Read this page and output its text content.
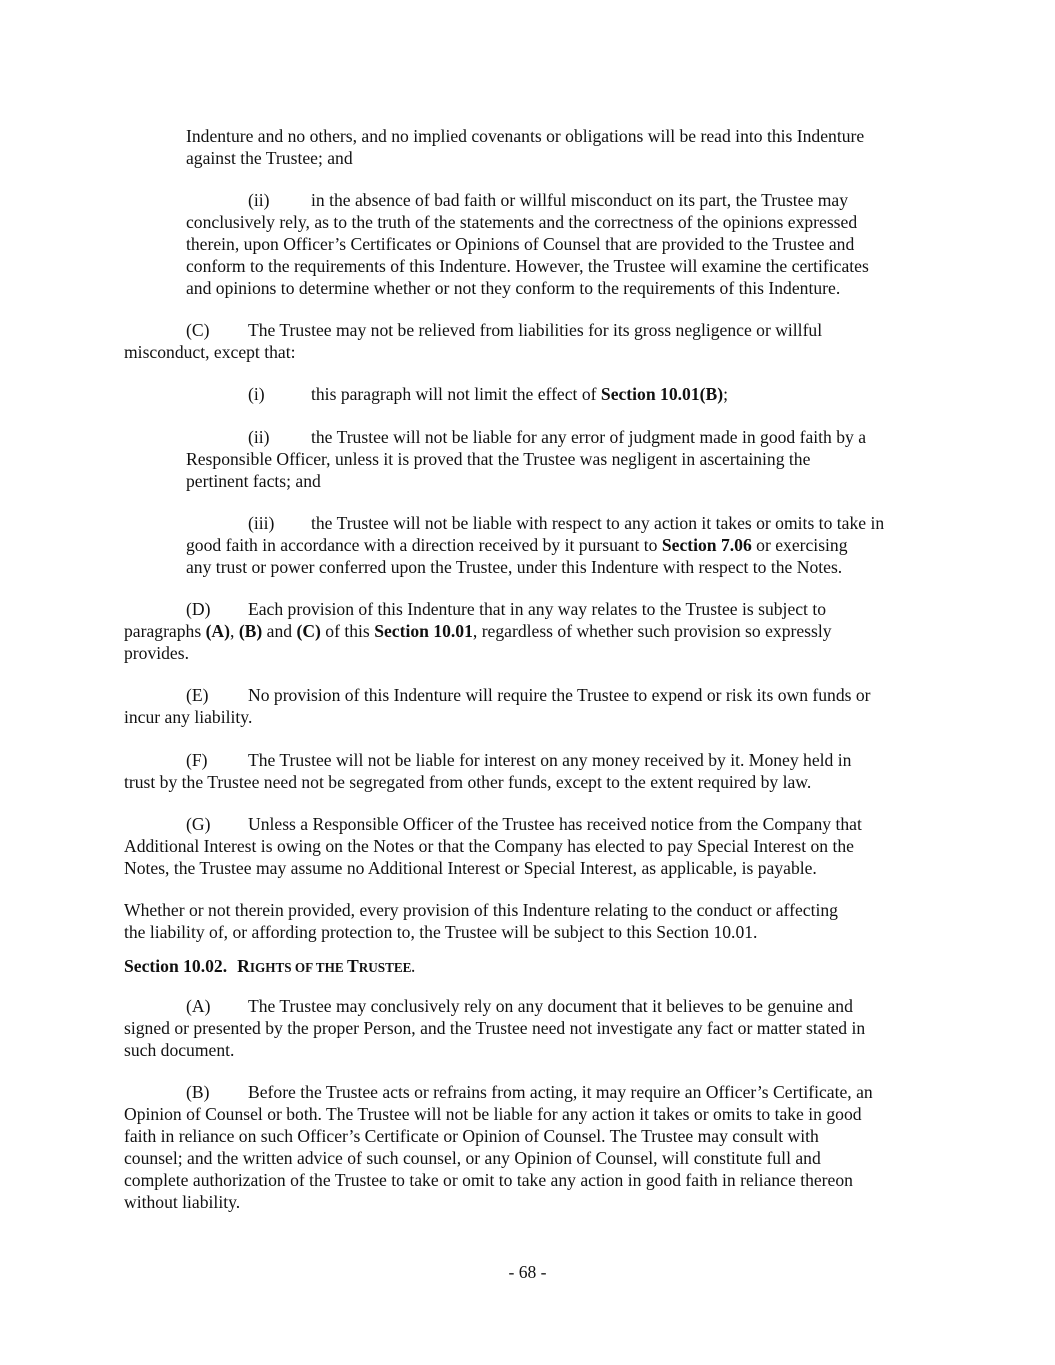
Indenture and no others, and no implied covenants or obligations will be read into this Indenture
against the Trustee; and
(ii) in the absence of bad faith or willful misconduct on its part, the Trustee may
conclusively rely, as to the truth of the statements and the correctness of the opinions expressed
therein, upon Officer’s Certificates or Opinions of Counsel that are provided to the Trustee and
conform to the requirements of this Indenture. However, the Trustee will examine the certificates
and opinions to determine whether or not they conform to the requirements of this Indenture.
(C) The Trustee may not be relieved from liabilities for its gross negligence or willful
misconduct, except that:
(i)	this paragraph will not limit the effect of Section 10.01(B);
(ii) the Trustee will not be liable for any error of judgment made in good faith by a
Responsible Officer, unless it is proved that the Trustee was negligent in ascertaining the
pertinent facts; and
(iii) the Trustee will not be liable with respect to any action it takes or omits to take in
good faith in accordance with a direction received by it pursuant to Section 7.06 or exercising
any trust or power conferred upon the Trustee, under this Indenture with respect to the Notes.
(D) Each provision of this Indenture that in any way relates to the Trustee is subject to
paragraphs (A), (B) and (C) of this Section 10.01, regardless of whether such provision so expressly
provides.
(E) No provision of this Indenture will require the Trustee to expend or risk its own funds or
incur any liability.
(F) The Trustee will not be liable for interest on any money received by it. Money held in
trust by the Trustee need not be segregated from other funds, except to the extent required by law.
(G) Unless a Responsible Officer of the Trustee has received notice from the Company that
Additional Interest is owing on the Notes or that the Company has elected to pay Special Interest on the
Notes, the Trustee may assume no Additional Interest or Special Interest, as applicable, is payable.
Whether or not therein provided, every provision of this Indenture relating to the conduct or affecting
the liability of, or affording protection to, the Trustee will be subject to this Section 10.01.
Section 10.02. RIGHTS OF THE TRUSTEE.
(A) The Trustee may conclusively rely on any document that it believes to be genuine and
signed or presented by the proper Person, and the Trustee need not investigate any fact or matter stated in
such document.
(B) Before the Trustee acts or refrains from acting, it may require an Officer’s Certificate, an
Opinion of Counsel or both. The Trustee will not be liable for any action it takes or omits to take in good
faith in reliance on such Officer’s Certificate or Opinion of Counsel. The Trustee may consult with
counsel; and the written advice of such counsel, or any Opinion of Counsel, will constitute full and
complete authorization of the Trustee to take or omit to take any action in good faith in reliance thereon
without liability.
- 68 -
